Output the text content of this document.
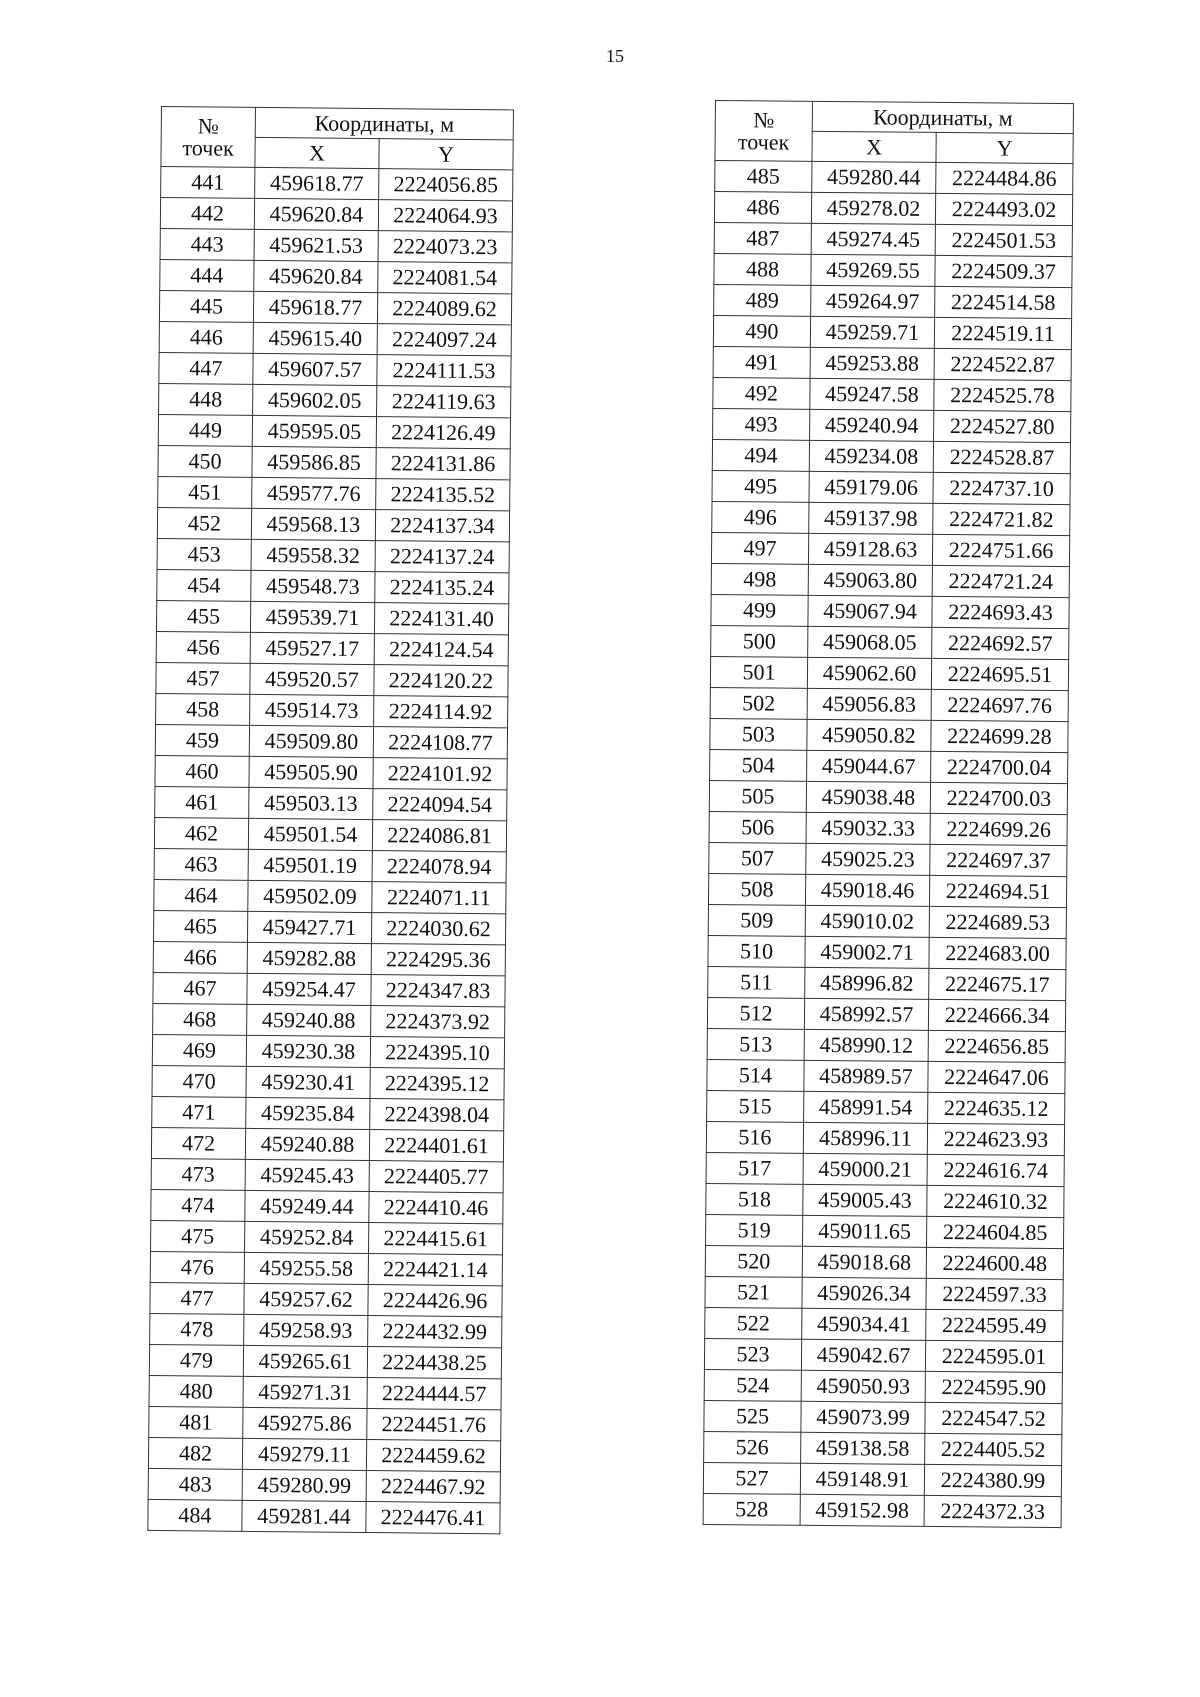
15
№
точек	Координаты, м	
	X	Y
441	459618.77	2224056.85
442	459620.84	2224064.93
443	459621.53	2224073.23
444	459620.84	2224081.54
445	459618.77	2224089.62
446	459615.40	2224097.24
447	459607.57	2224111.53
448	459602.05	2224119.63
449	459595.05	2224126.49
450	459586.85	2224131.86
451	459577.76	2224135.52
452	459568.13	2224137.34
453	459558.32	2224137.24
454	459548.73	2224135.24
455	459539.71	2224131.40
456	459527.17	2224124.54
457	459520.57	2224120.22
458	459514.73	2224114.92
459	459509.80	2224108.77
460	459505.90	2224101.92
461	459503.13	2224094.54
462	459501.54	2224086.81
463	459501.19	2224078.94
464	459502.09	2224071.11
465	459427.71	2224030.62
466	459282.88	2224295.36
467	459254.47	2224347.83
468	459240.88	2224373.92
469	459230.38	2224395.10
470	459230.41	2224395.12
471	459235.84	2224398.04
472	459240.88	2224401.61
473	459245.43	2224405.77
474	459249.44	2224410.46
475	459252.84	2224415.61
476	459255.58	2224421.14
477	459257.62	2224426.96
478	459258.93	2224432.99
479	459265.61	2224438.25
480	459271.31	2224444.57
481	459275.86	2224451.76
482	459279.11	2224459.62
483	459280.99	2224467.92
484	459281.44	2224476.41
№
точек	Координаты, м	
	X	Y
485	459280.44	2224484.86
486	459278.02	2224493.02
487	459274.45	2224501.53
488	459269.55	2224509.37
489	459264.97	2224514.58
490	459259.71	2224519.11
491	459253.88	2224522.87
492	459247.58	2224525.78
493	459240.94	2224527.80
494	459234.08	2224528.87
495	459179.06	2224737.10
496	459137.98	2224721.82
497	459128.63	2224751.66
498	459063.80	2224721.24
499	459067.94	2224693.43
500	459068.05	2224692.57
501	459062.60	2224695.51
502	459056.83	2224697.76
503	459050.82	2224699.28
504	459044.67	2224700.04
505	459038.48	2224700.03
506	459032.33	2224699.26
507	459025.23	2224697.37
508	459018.46	2224694.51
509	459010.02	2224689.53
510	459002.71	2224683.00
511	458996.82	2224675.17
512	458992.57	2224666.34
513	458990.12	2224656.85
514	458989.57	2224647.06
515	458991.54	2224635.12
516	458996.11	2224623.93
517	459000.21	2224616.74
518	459005.43	2224610.32
519	459011.65	2224604.85
520	459018.68	2224600.48
521	459026.34	2224597.33
522	459034.41	2224595.49
523	459042.67	2224595.01
524	459050.93	2224595.90
525	459073.99	2224547.52
526	459138.58	2224405.52
527	459148.91	2224380.99
528	459152.98	2224372.33
